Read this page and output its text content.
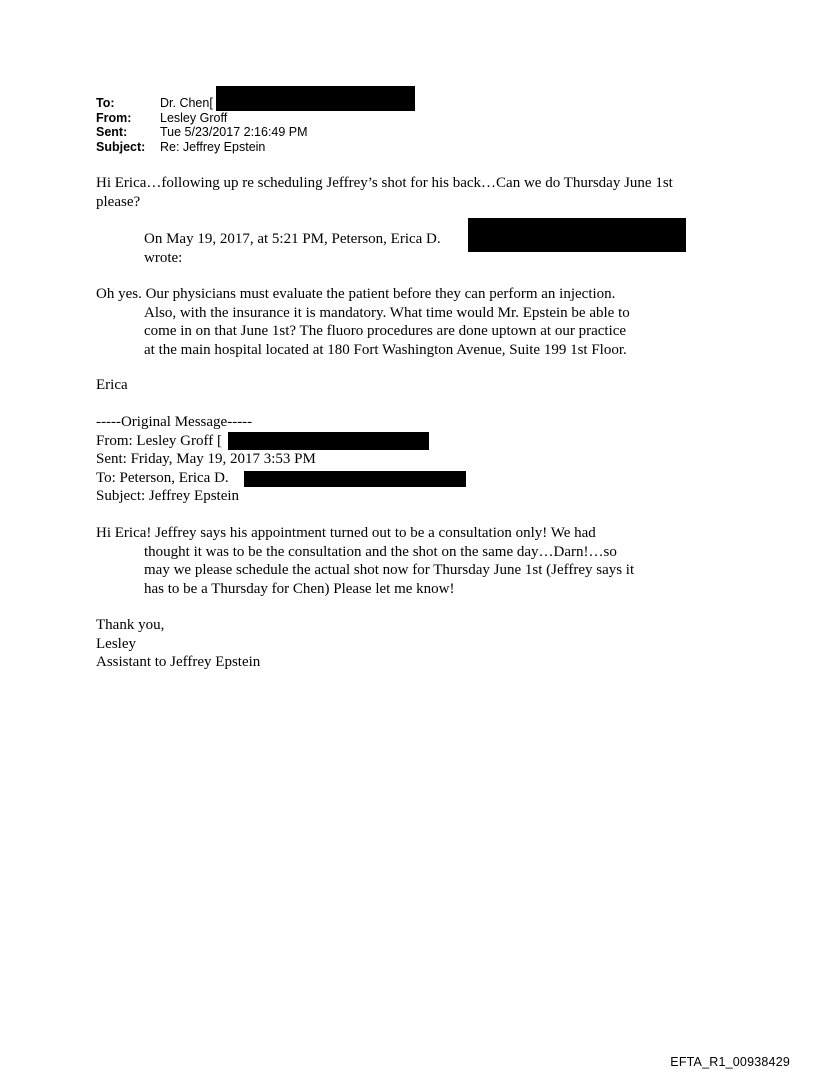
To:	Dr. Chen[
From:	Lesley Groff
Sent:	Tue 5/23/2017 2:16:49 PM
Subject:	Re: Jeffrey Epstein
Hi Erica…following up re scheduling Jeffrey’s shot for his back…Can we do Thursday June 1st
please?
On May 19, 2017, at 5:21 PM, Peterson, Erica D.
wrote:
Oh yes. Our physicians must evaluate the patient before they can perform an injection.
Also, with the insurance it is mandatory. What time would Mr. Epstein be able to
come in on that June 1st? The fluoro procedures are done uptown at our practice
at the main hospital located at 180 Fort Washington Avenue, Suite 199 1st Floor.
Erica
-----Original Message-----
From: Lesley Groff [
Sent: Friday, May 19, 2017 3:53 PM
To: Peterson, Erica D.
Subject: Jeffrey Epstein
Hi Erica! Jeffrey says his appointment turned out to be a consultation only! We had
thought it was to be the consultation and the shot on the same day…Darn!…so
may we please schedule the actual shot now for Thursday June 1st (Jeffrey says it
has to be a Thursday for Chen) Please let me know!
Thank you,
Lesley
Assistant to Jeffrey Epstein
EFTA_R1_00938429
